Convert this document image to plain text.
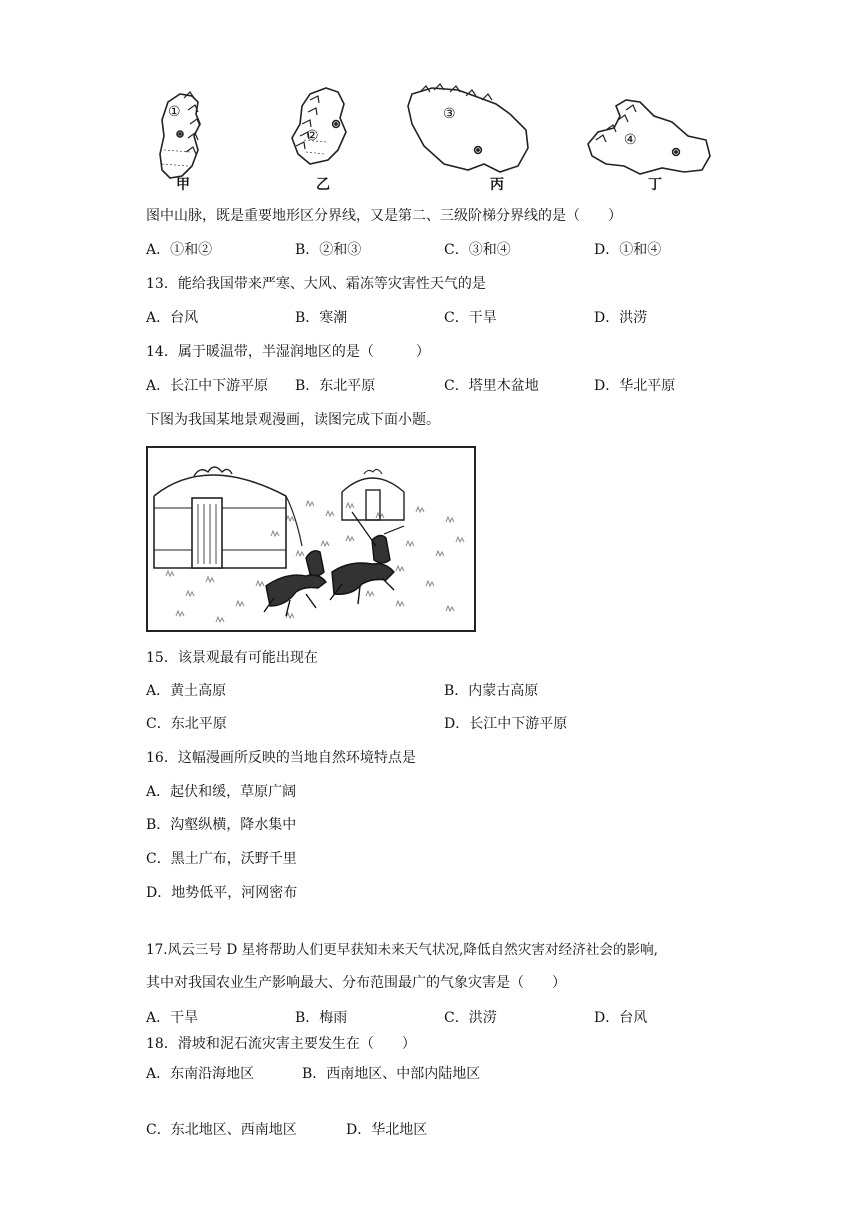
①
②
③
④
甲	乙	丙	丁
图中山脉，既是重要地形区分界线，又是第二、三级阶梯分界线的是（　　）
A．①和②	B．②和③	C．③和④	D．①和④
13．能给我国带来严寒、大风、霜冻等灾害性天气的是
A．台风	B．寒潮	C．干旱	D．洪涝
14．属于暖温带，半湿润地区的是（　　　）
A．长江中下游平原 B．东北平原	C．塔里木盆地	D．华北平原
下图为我国某地景观漫画，读图完成下面小题。
15．该景观最有可能出现在
A．黄土高原	B．内蒙古高原
C．东北平原	D．长江中下游平原
16．这幅漫画所反映的当地自然环境特点是
A．起伏和缓，草原广阔
B．沟壑纵横，降水集中
C．黑土广布，沃野千里
D．地势低平，河网密布
17.风云三号 D 星将帮助人们更早获知未来天气状况,降低自然灾害对经济社会的影响,
其中对我国农业生产影响最大、分布范围最广的气象灾害是（　　）
A．干旱	B．梅雨	C．洪涝	D．台风
18．滑坡和泥石流灾害主要发生在（　　）
A．东南沿海地区	B．西南地区、中部内陆地区
C．东北地区、西南地区	D．华北地区
